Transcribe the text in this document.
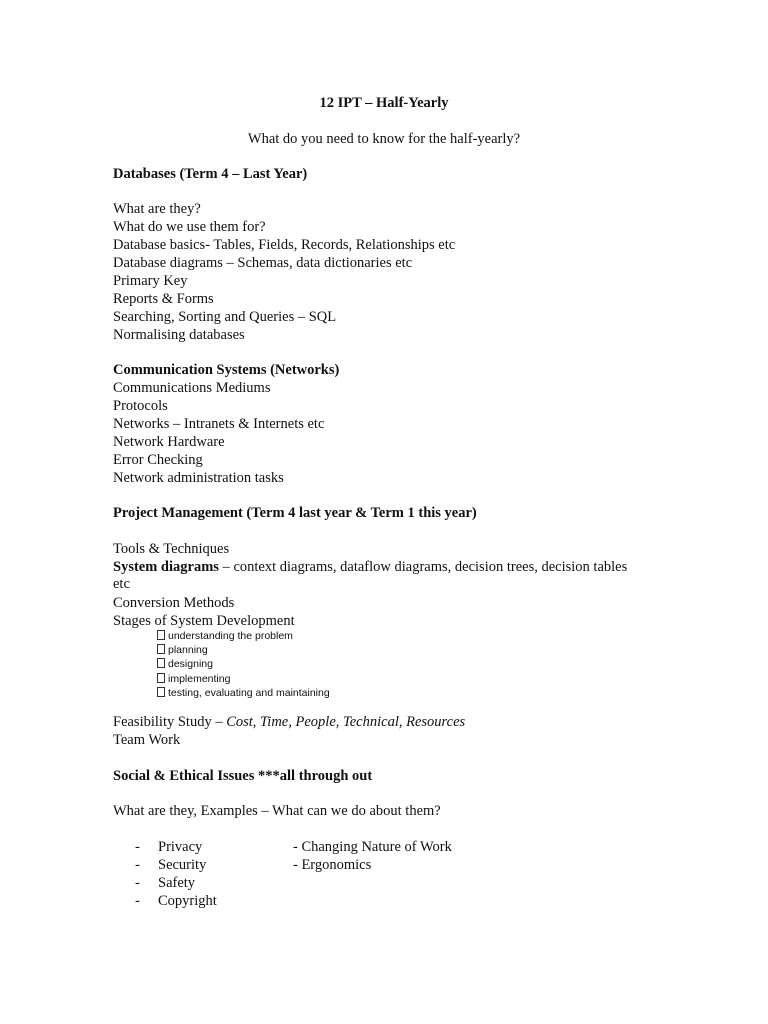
12 IPT – Half-Yearly
What do you need to know for the half-yearly?
Databases (Term 4 – Last Year)
What are they?
What do we use them for?
Database basics- Tables, Fields, Records, Relationships etc
Database diagrams – Schemas, data dictionaries etc
Primary Key
Reports & Forms
Searching, Sorting and Queries – SQL
Normalising databases
Communication Systems (Networks)
Communications Mediums
Protocols
Networks – Intranets & Internets etc
Network Hardware
Error Checking
Network administration tasks
Project Management (Term 4 last year & Term 1 this year)
Tools & Techniques
System diagrams – context diagrams, dataflow diagrams, decision trees, decision tables
etc
Conversion Methods
Stages of System Development
understanding the problem
planning
designing
implementing
testing, evaluating and maintaining
Feasibility Study – Cost, Time, People, Technical, Resources
Team Work
Social & Ethical Issues ***all through out
What are they, Examples – What can we do about them?
- Privacy	- Changing Nature of Work
- Security	- Ergonomics
- Safety
- Copyright
